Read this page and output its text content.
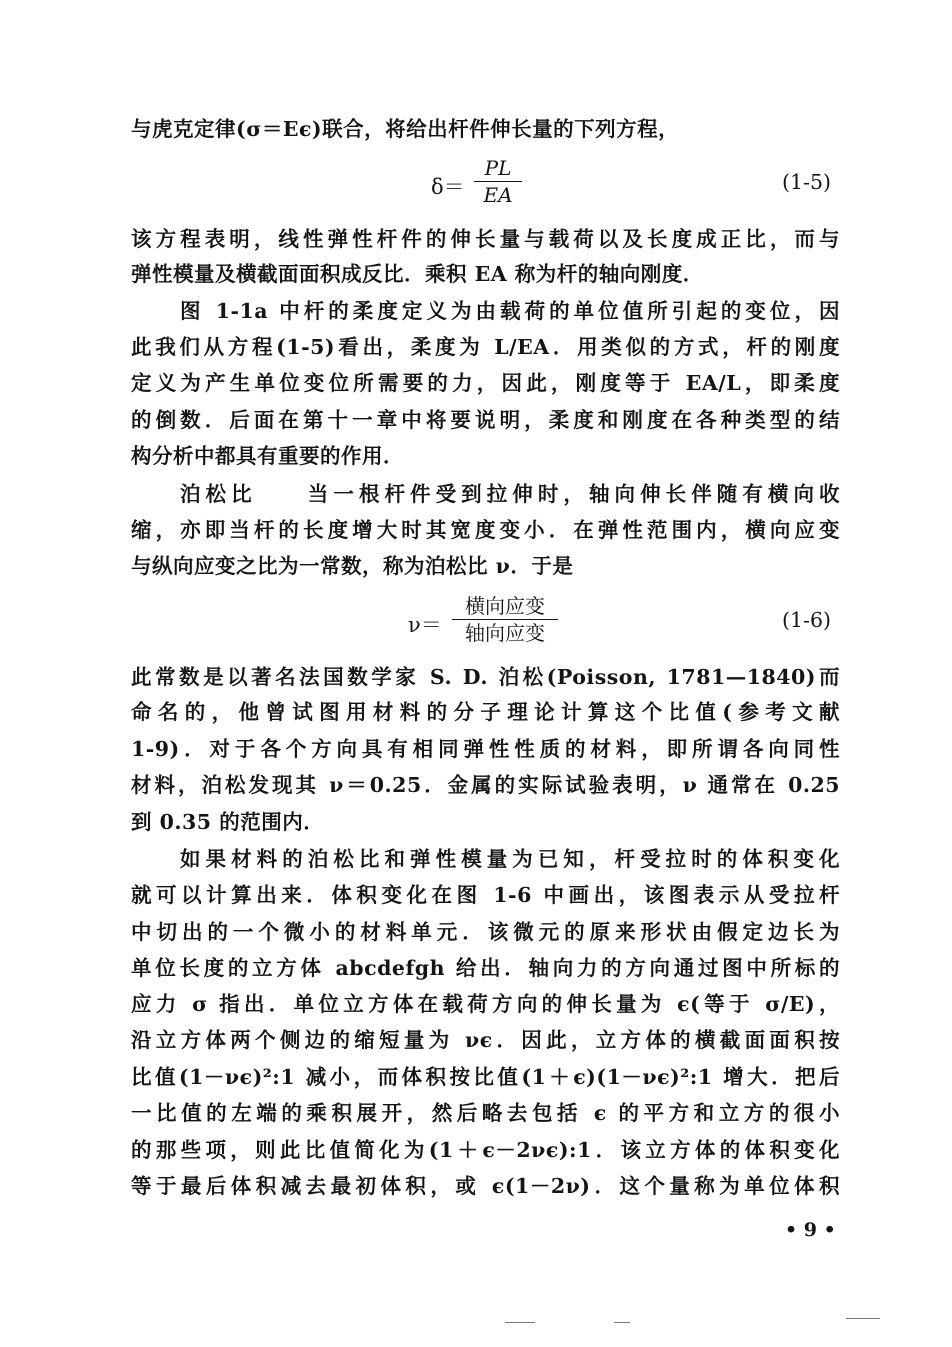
与虎克定律(σ＝Eϵ)联合，将给出杆件伸长量的下列方程，
δ＝
PL
EA
(1-5)
该方程表明，线性弹性杆件的伸长量与载荷以及长度成正比，而与
弹性模量及横截面面积成反比．乘积 EA 称为杆的轴向刚度．
图 1-1a 中杆的柔度定义为由载荷的单位值所引起的变位，因
此我们从方程(1-5)看出，柔度为 L/EA．用类似的方式，杆的刚度
定义为产生单位变位所需要的力，因此，刚度等于 EA/L，即柔度
的倒数．后面在第十一章中将要说明，柔度和刚度在各种类型的结
构分析中都具有重要的作用．
泊松比　　当一根杆件受到拉伸时，轴向伸长伴随有横向收
缩，亦即当杆的长度增大时其宽度变小．在弹性范围内，横向应变
与纵向应变之比为一常数，称为泊松比 ν．于是
ν＝
横向应变
轴向应变
(1-6)
此常数是以著名法国数学家 S. D. 泊松(Poisson, 1781—1840)而
命名的，他曾试图用材料的分子理论计算这个比值(参考文献
1-9)．对于各个方向具有相同弹性性质的材料，即所谓各向同性
材料，泊松发现其 ν＝0.25．金属的实际试验表明，ν 通常在 0.25
到 0.35 的范围内．
如果材料的泊松比和弹性模量为已知，杆受拉时的体积变化
就可以计算出来．体积变化在图 1-6 中画出，该图表示从受拉杆
中切出的一个微小的材料单元．该微元的原来形状由假定边长为
单位长度的立方体 abcdefgh 给出．轴向力的方向通过图中所标的
应力 σ 指出．单位立方体在载荷方向的伸长量为 ϵ(等于 σ/E)，
沿立方体两个侧边的缩短量为 νϵ．因此，立方体的横截面面积按
比值(1－νϵ)²:1 减小，而体积按比值(1＋ϵ)(1－νϵ)²:1 增大．把后
一比值的左端的乘积展开，然后略去包括 ϵ 的平方和立方的很小
的那些项，则此比值简化为(1＋ϵ－2νϵ):1．该立方体的体积变化
等于最后体积减去最初体积，或 ϵ(1－2ν)．这个量称为单位体积
• 9 •
